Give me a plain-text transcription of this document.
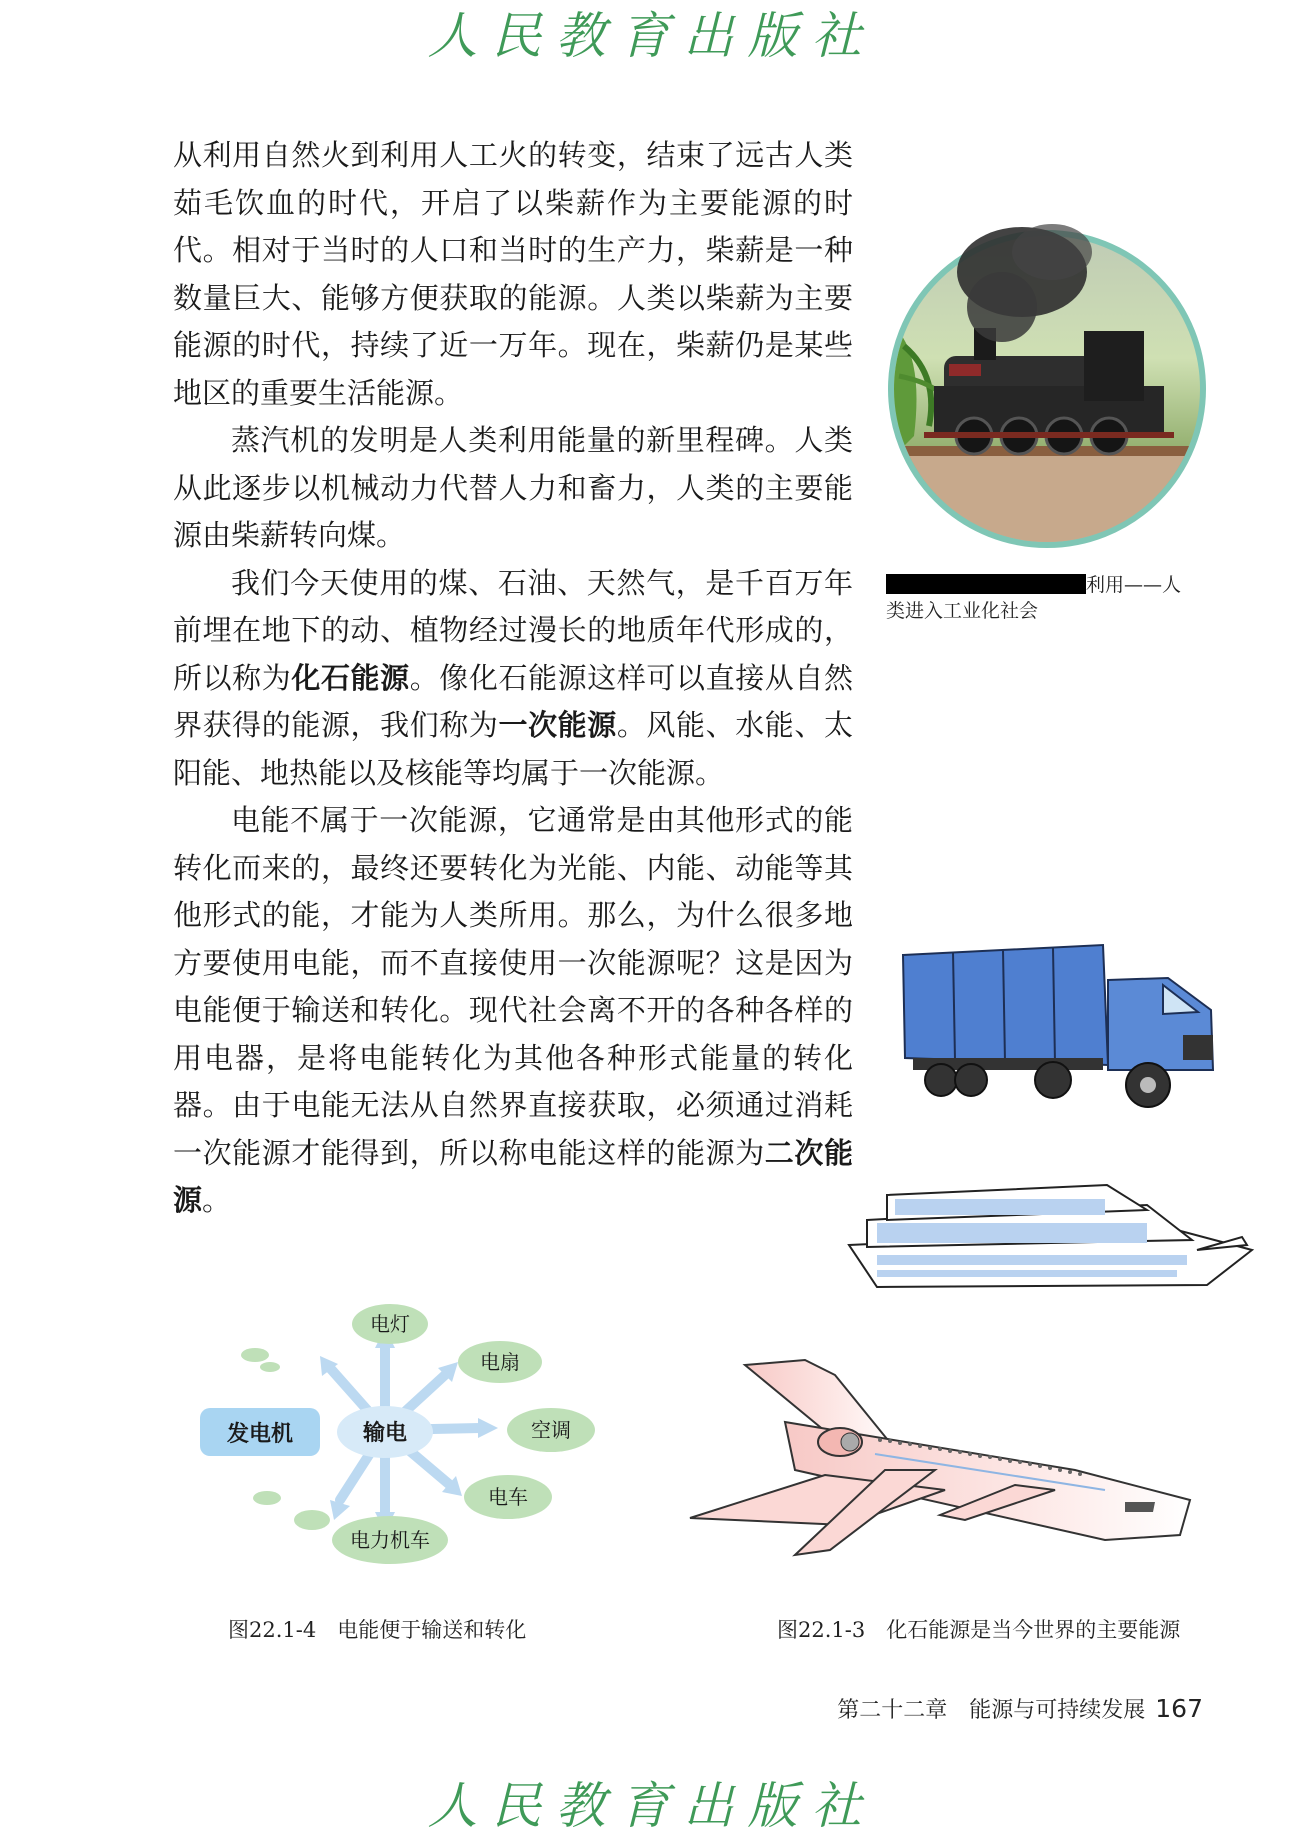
人民教育出版社

从利用自然火到利用人工火的转变，结束了远古人类茹毛饮血的时代，开启了以柴薪作为主要能源的时代。相对于当时的人口和当时的生产力，柴薪是一种数量巨大、能够方便获取的能源。人类以柴薪为主要能源的时代，持续了近一万年。现在，柴薪仍是某些地区的重要生活能源。

蒸汽机的发明是人类利用能量的新里程碑。人类从此逐步以机械动力代替人力和畜力，人类的主要能源由柴薪转向煤。

我们今天使用的煤、石油、天然气，是千百万年前埋在地下的动、植物经过漫长的地质年代形成的，所以称为化石能源。像化石能源这样可以直接从自然界获得的能源，我们称为一次能源。风能、水能、太阳能、地热能以及核能等均属于一次能源。

电能不属于一次能源，它通常是由其他形式的能转化而来的，最终还要转化为光能、内能、动能等其他形式的能，才能为人类所用。那么，为什么很多地方要使用电能，而不直接使用一次能源呢？这是因为电能便于输送和转化。现代社会离不开的各种各样的用电器，是将电能转化为其他各种形式能量的转化器。由于电能无法从自然界直接获取，必须通过消耗一次能源才能得到，所以称电能这样的能源为二次能源。

利用——人
类进入工业化社会
发电机	输电
电灯
电扇
空调
电车
电力机车
图22.1-4　电能便于输送和转化	图22.1-3　化石能源是当今世界的主要能源
第二十二章　能源与可持续发展 167
人民教育出版社
